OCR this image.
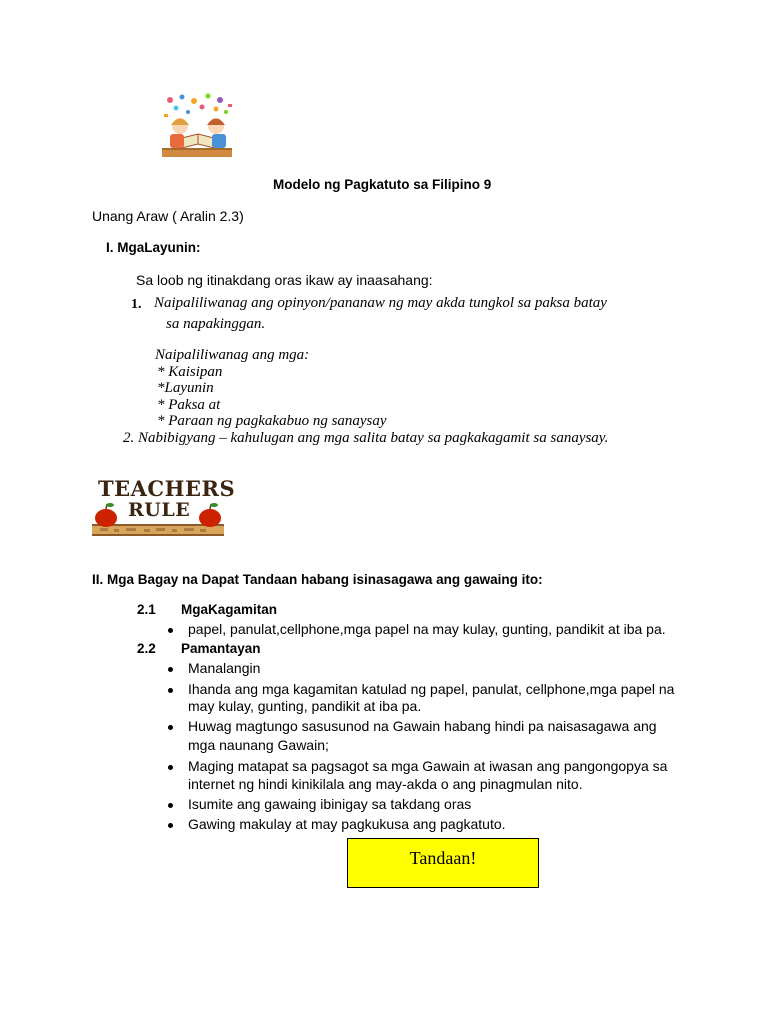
Modelo ng Pagkatuto sa Filipino 9
Unang Araw ( Aralin 2.3)
I. MgaLayunin:
Sa loob ng itinakdang oras ikaw ay inaasahang:
1. Naipaliliwanag ang opinyon/pananaw ng may akda tungkol sa paksa batay
sa napakinggan.
Naipaliliwanag ang mga:
* Kaisipan
*Layunin
* Paksa at
* Paraan ng pagkakabuo ng sanaysay
2. Nabibigyang – kahulugan ang mga salita batay sa pagkakagamit sa sanaysay.
TEACHERS
RULE
II. Mga Bagay na Dapat Tandaan habang isinasagawa ang gawaing ito:
2.1 MgaKagamitan
papel, panulat,cellphone,mga papel na may kulay, gunting, pandikit at iba pa.
2.2 Pamantayan
Manalangin
Ihanda ang mga kagamitan katulad ng papel, panulat, cellphone,mga papel na
may kulay, gunting, pandikit at iba pa.
Huwag magtungo sasusunod na Gawain habang hindi pa naisasagawa ang
mga naunang Gawain;
Maging matapat sa pagsagot sa mga Gawain at iwasan ang pangongopya sa
internet ng hindi kinikilala ang may-akda o ang pinagmulan nito.
Isumite ang gawaing ibinigay sa takdang oras
Gawing makulay at may pagkukusa ang pagkatuto.
Tandaan!
